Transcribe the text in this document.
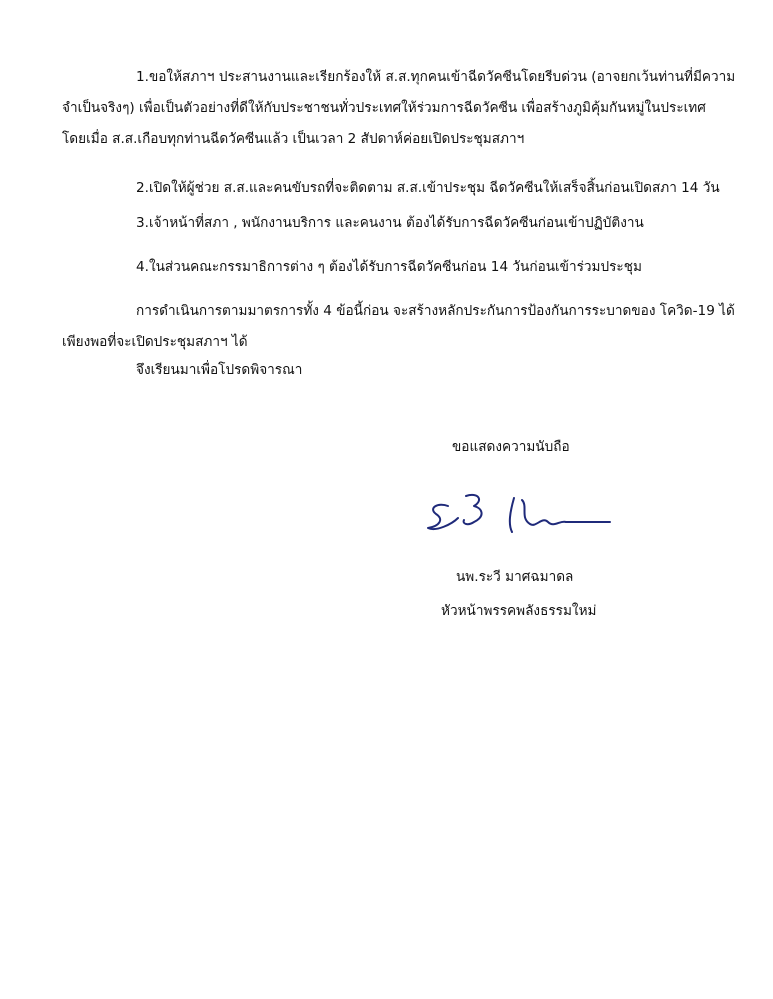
1.ขอให้สภาฯ ประสานงานและเรียกร้องให้ ส.ส.ทุกคนเข้าฉีดวัคซีนโดยรีบด่วน (อาจยกเว้นท่านที่มีความ
จำเป็นจริงๆ) เพื่อเป็นตัวอย่างที่ดีให้กับประชาชนทั่วประเทศให้ร่วมการฉีดวัคซีน เพื่อสร้างภูมิคุ้มกันหมู่ในประเทศ
โดยเมื่อ ส.ส.เกือบทุกท่านฉีดวัคซีนแล้ว เป็นเวลา 2 สัปดาห์ค่อยเปิดประชุมสภาฯ

2.เปิดให้ผู้ช่วย ส.ส.และคนขับรถที่จะติดตาม ส.ส.เข้าประชุม ฉีดวัคซีนให้เสร็จสิ้นก่อนเปิดสภา 14 วัน

3.เจ้าหน้าที่สภา , พนักงานบริการ และคนงาน ต้องได้รับการฉีดวัคซีนก่อนเข้าปฏิบัติงาน

4.ในส่วนคณะกรรมาธิการต่าง ๆ ต้องได้รับการฉีดวัคซีนก่อน 14 วันก่อนเข้าร่วมประชุม

การดำเนินการตามมาตรการทั้ง 4 ข้อนี้ก่อน จะสร้างหลักประกันการป้องกันการระบาดของ โควิด-19 ได้
เพียงพอที่จะเปิดประชุมสภาฯ ได้

จึงเรียนมาเพื่อโปรดพิจารณา

ขอแสดงความนับถือ
นพ.ระวี มาศฉมาดล
หัวหน้าพรรคพลังธรรมใหม่
